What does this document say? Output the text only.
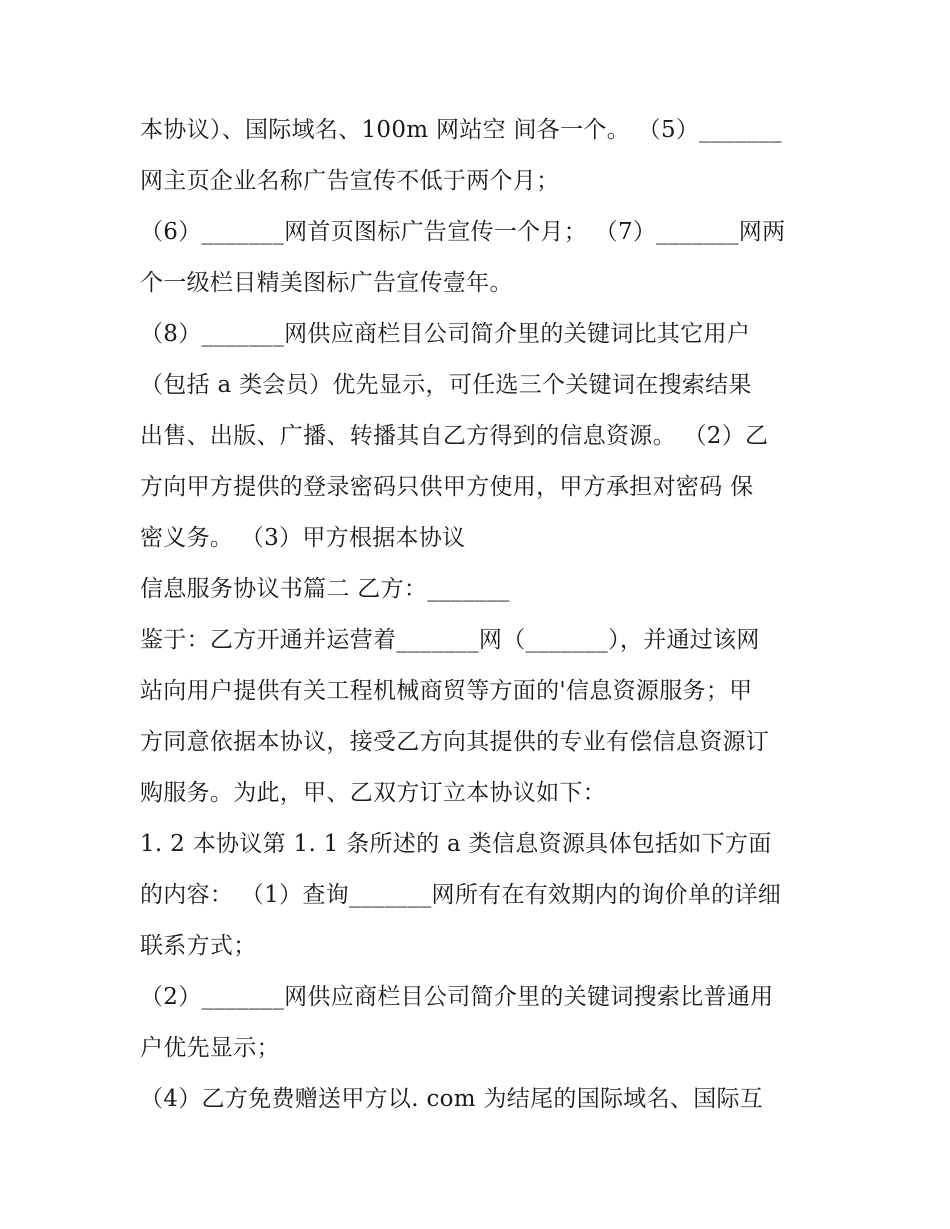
本协议）、国际域名、100m 网站空 间各一个。 （5）_______

网主页企业名称广告宣传不低于两个月；

（6）_______网首页图标广告宣传一个月； （7）_______网两

个一级栏目精美图标广告宣传壹年。

（8）_______网供应商栏目公司简介里的关键词比其它用户

（包括 a 类会员）优先显示，可任选三个关键词在搜索结果

出售、出版、广播、转播其自乙方得到的信息资源。 （2）乙

方向甲方提供的登录密码只供甲方使用，甲方承担对密码 保

密义务。 （3）甲方根据本协议

信息服务协议书篇二 乙方：_______

鉴于：乙方开通并运营着_______网（_______），并通过该网

站向用户提供有关工程机械商贸等方面的'信息资源服务；甲

方同意依据本协议，接受乙方向其提供的专业有偿信息资源订

购服务。为此，甲、乙双方订立本协议如下：

1. 2 本协议第 1. 1 条所述的 a 类信息资源具体包括如下方面

的内容： （1）查询_______网所有在有效期内的询价单的详细

联系方式；

（2）_______网供应商栏目公司简介里的关键词搜索比普通用

户优先显示；

（4）乙方免费赠送甲方以. com 为结尾的国际域名、国际互
